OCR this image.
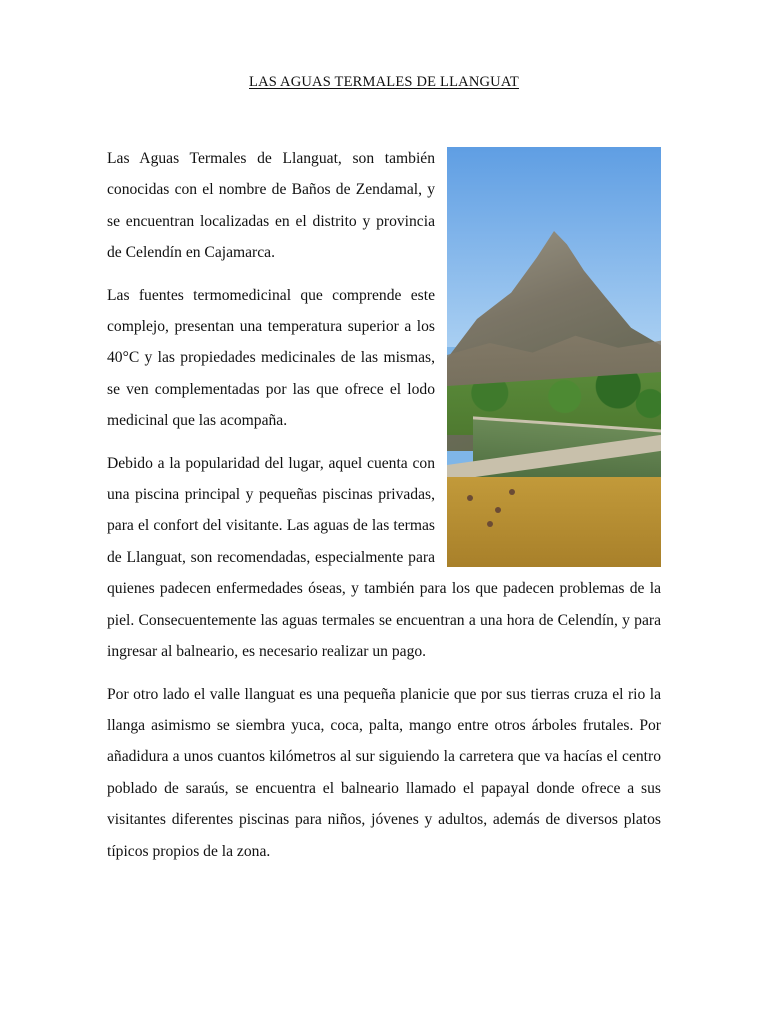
LAS AGUAS TERMALES DE LLANGUAT

Las Aguas Termales de Llanguat, son también conocidas con el nombre de Baños de Zendamal, y se encuentran localizadas en el distrito y provincia de Celendín en Cajamarca.

Las fuentes termomedicinal que comprende este complejo, presentan una temperatura superior a los 40°C y las propiedades medicinales de las mismas, se ven complementadas por las que ofrece el lodo medicinal que las acompaña.

Debido a la popularidad del lugar, aquel cuenta con una piscina principal y pequeñas piscinas privadas, para el confort del visitante. Las aguas de las termas de Llanguat, son recomendadas, especialmente para quienes padecen enfermedades óseas, y también para los que padecen problemas de la piel. Consecuentemente las aguas termales se encuentran a una hora de Celendín, y para ingresar al balneario, es necesario realizar un pago.

Por otro lado el valle llanguat es una pequeña planicie que por sus tierras cruza el rio la llanga asimismo se siembra yuca, coca, palta, mango entre otros árboles frutales. Por añadidura a unos cuantos kilómetros al sur siguiendo la carretera que va hacías el centro poblado de saraús, se encuentra el balneario llamado el papayal donde ofrece a sus visitantes diferentes piscinas para niños, jóvenes y adultos, además de diversos platos típicos propios de la zona.
